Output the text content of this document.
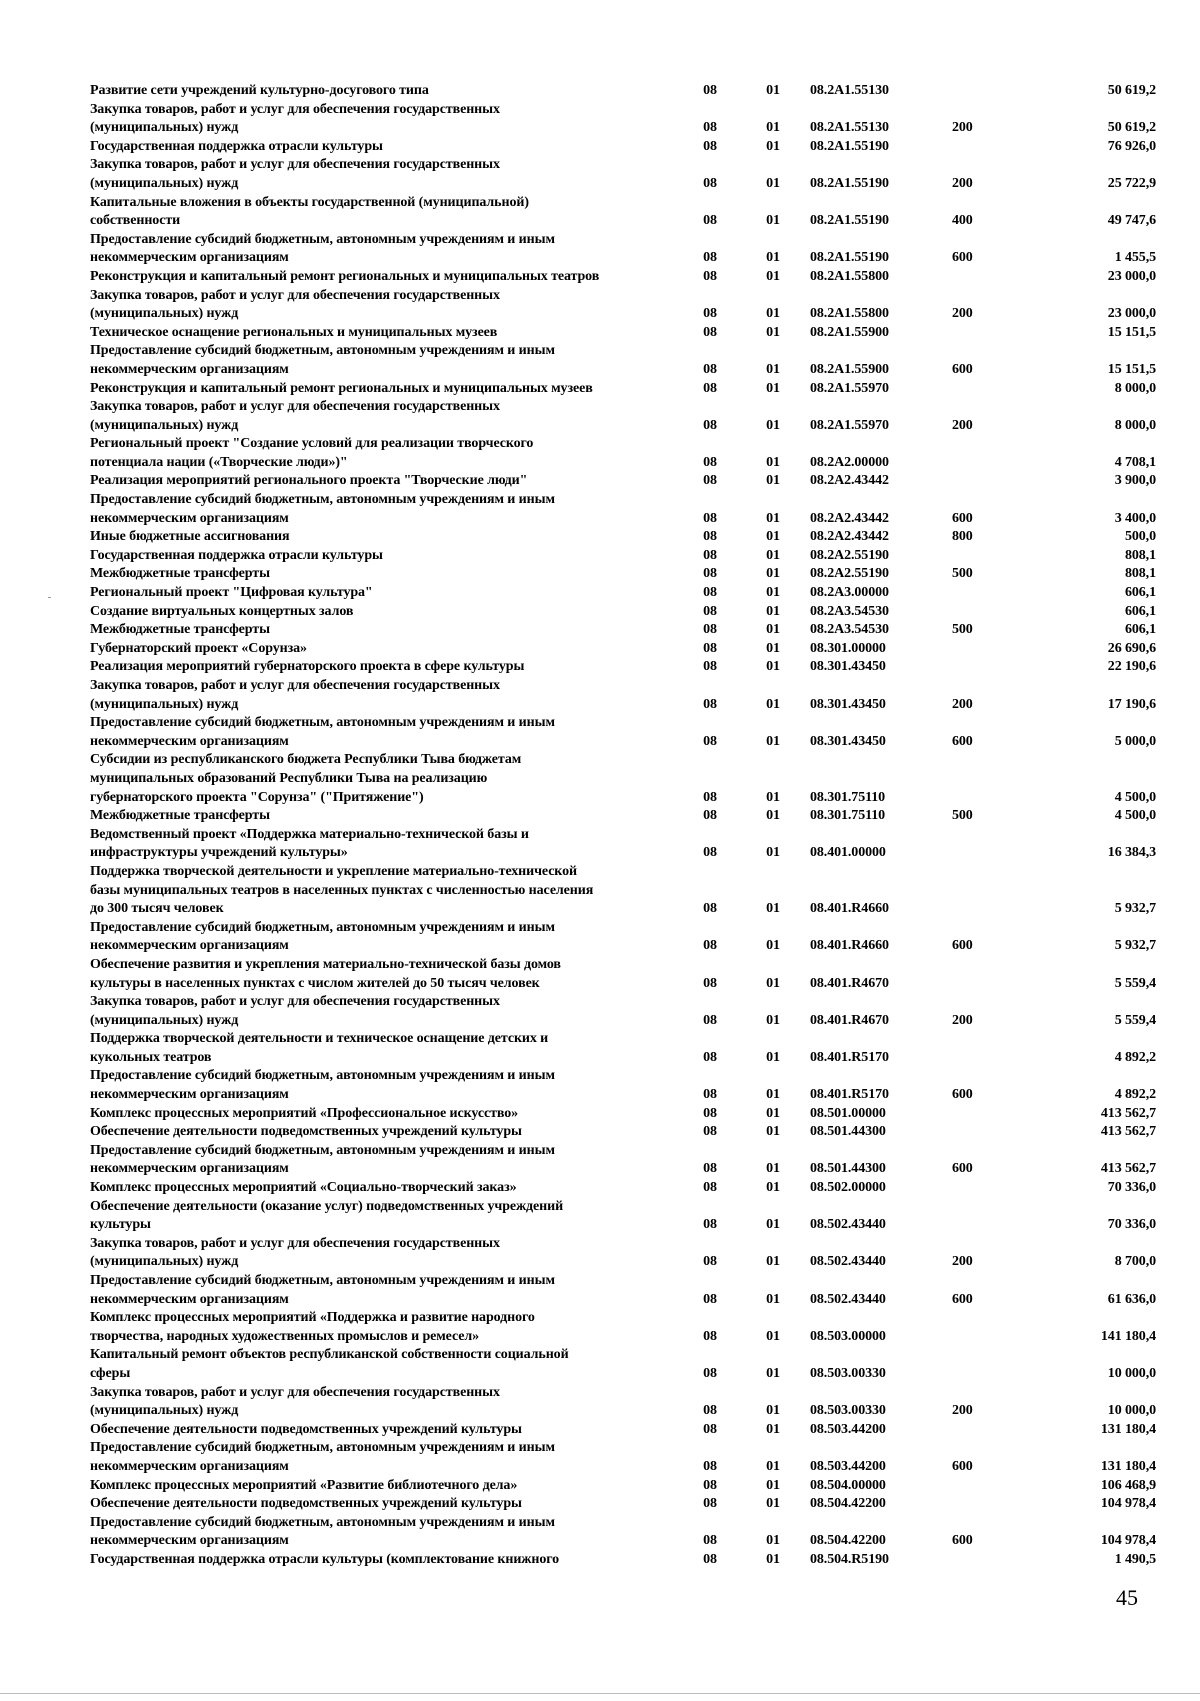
Развитие сети учреждений культурно-досугового типа	08	01	08.2A1.55130		50 619,2
Закупка товаров, работ и услуг для обеспечения государственных
(муниципальных) нужд	08	01	08.2A1.55130	200	50 619,2
Государственная поддержка отрасли культуры	08	01	08.2A1.55190		76 926,0
Закупка товаров, работ и услуг для обеспечения государственных
(муниципальных) нужд	08	01	08.2A1.55190	200	25 722,9
Капитальные вложения в объекты государственной (муниципальной)
собственности	08	01	08.2A1.55190	400	49 747,6
Предоставление субсидий бюджетным, автономным учреждениям и иным
некоммерческим организациям	08	01	08.2A1.55190	600	1 455,5
Реконструкция и капитальный ремонт региональных и муниципальных театров	08	01	08.2A1.55800		23 000,0
Закупка товаров, работ и услуг для обеспечения государственных
(муниципальных) нужд	08	01	08.2A1.55800	200	23 000,0
Техническое оснащение региональных и муниципальных музеев	08	01	08.2A1.55900		15 151,5
Предоставление субсидий бюджетным, автономным учреждениям и иным
некоммерческим организациям	08	01	08.2A1.55900	600	15 151,5
Реконструкция и капитальный ремонт региональных и муниципальных музеев	08	01	08.2A1.55970		8 000,0
Закупка товаров, работ и услуг для обеспечения государственных
(муниципальных) нужд	08	01	08.2A1.55970	200	8 000,0
Региональный проект "Создание условий для реализации творческого
потенциала нации («Творческие люди»)"	08	01	08.2A2.00000		4 708,1
Реализация мероприятий регионального проекта "Творческие люди"	08	01	08.2A2.43442		3 900,0
Предоставление субсидий бюджетным, автономным учреждениям и иным
некоммерческим организациям	08	01	08.2A2.43442	600	3 400,0
Иные бюджетные ассигнования	08	01	08.2A2.43442	800	500,0
Государственная поддержка отрасли культуры	08	01	08.2A2.55190		808,1
Межбюджетные трансферты	08	01	08.2A2.55190	500	808,1
Региональный проект "Цифровая культура"	08	01	08.2A3.00000		606,1
Создание виртуальных концертных залов	08	01	08.2A3.54530		606,1
Межбюджетные трансферты	08	01	08.2A3.54530	500	606,1
Губернаторский проект «Сорунза»	08	01	08.301.00000		26 690,6
Реализация мероприятий губернаторского проекта в сфере культуры	08	01	08.301.43450		22 190,6
Закупка товаров, работ и услуг для обеспечения государственных
(муниципальных) нужд	08	01	08.301.43450	200	17 190,6
Предоставление субсидий бюджетным, автономным учреждениям и иным
некоммерческим организациям	08	01	08.301.43450	600	5 000,0
Субсидии из республиканского бюджета Республики Тыва бюджетам
муниципальных образований Республики Тыва на реализацию
губернаторского проекта "Сорунза" ("Притяжение")	08	01	08.301.75110		4 500,0
Межбюджетные трансферты	08	01	08.301.75110	500	4 500,0
Ведомственный проект «Поддержка материально-технической базы и
инфраструктуры учреждений культуры»	08	01	08.401.00000		16 384,3
Поддержка творческой деятельности и укрепление материально-технической
базы муниципальных театров в населенных пунктах с численностью населения
до 300 тысяч человек	08	01	08.401.R4660		5 932,7
Предоставление субсидий бюджетным, автономным учреждениям и иным
некоммерческим организациям	08	01	08.401.R4660	600	5 932,7
Обеспечение развития и укрепления материально-технической базы домов
культуры в населенных пунктах с числом жителей до 50 тысяч человек	08	01	08.401.R4670		5 559,4
Закупка товаров, работ и услуг для обеспечения государственных
(муниципальных) нужд	08	01	08.401.R4670	200	5 559,4
Поддержка творческой деятельности и техническое оснащение детских и
кукольных театров	08	01	08.401.R5170		4 892,2
Предоставление субсидий бюджетным, автономным учреждениям и иным
некоммерческим организациям	08	01	08.401.R5170	600	4 892,2
Комплекс процессных мероприятий «Профессиональное искусство»	08	01	08.501.00000		413 562,7
Обеспечение деятельности подведомственных учреждений культуры	08	01	08.501.44300		413 562,7
Предоставление субсидий бюджетным, автономным учреждениям и иным
некоммерческим организациям	08	01	08.501.44300	600	413 562,7
Комплекс процессных мероприятий «Социально-творческий заказ»	08	01	08.502.00000		70 336,0
Обеспечение деятельности (оказание услуг) подведомственных учреждений
культуры	08	01	08.502.43440		70 336,0
Закупка товаров, работ и услуг для обеспечения государственных
(муниципальных) нужд	08	01	08.502.43440	200	8 700,0
Предоставление субсидий бюджетным, автономным учреждениям и иным
некоммерческим организациям	08	01	08.502.43440	600	61 636,0
Комплекс процессных мероприятий «Поддержка и развитие народного
творчества, народных художественных промыслов и ремесел»	08	01	08.503.00000		141 180,4
Капитальный ремонт объектов республиканской собственности социальной
сферы	08	01	08.503.00330		10 000,0
Закупка товаров, работ и услуг для обеспечения государственных
(муниципальных) нужд	08	01	08.503.00330	200	10 000,0
Обеспечение деятельности подведомственных учреждений культуры	08	01	08.503.44200		131 180,4
Предоставление субсидий бюджетным, автономным учреждениям и иным
некоммерческим организациям	08	01	08.503.44200	600	131 180,4
Комплекс процессных мероприятий «Развитие библиотечного дела»	08	01	08.504.00000		106 468,9
Обеспечение деятельности подведомственных учреждений культуры	08	01	08.504.42200		104 978,4
Предоставление субсидий бюджетным, автономным учреждениям и иным
некоммерческим организациям	08	01	08.504.42200	600	104 978,4
Государственная поддержка отрасли культуры (комплектование книжного	08	01	08.504.R5190		1 490,5
45
